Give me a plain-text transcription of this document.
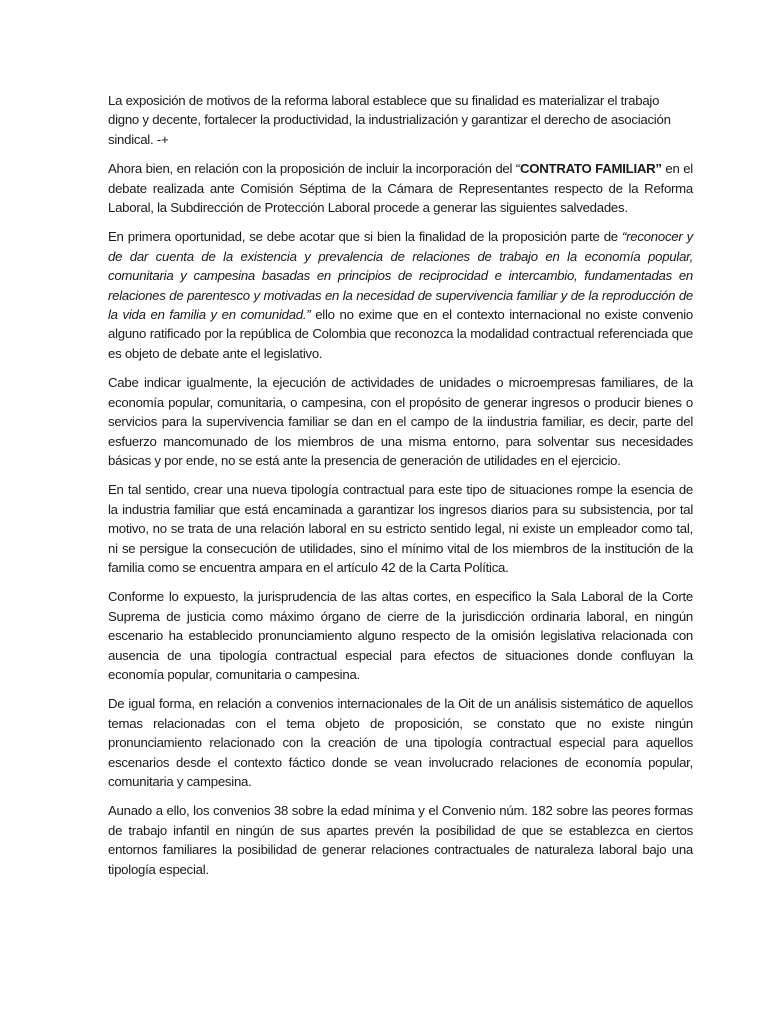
La exposición de motivos de la reforma laboral establece que su finalidad es materializar el trabajo digno y decente, fortalecer la productividad, la industrialización y garantizar el derecho de asociación sindical. -+

Ahora bien, en relación con la proposición de incluir la incorporación del “CONTRATO FAMILIAR” en el debate realizada ante Comisión Séptima de la Cámara de Representantes respecto de la Reforma Laboral, la Subdirección de Protección Laboral procede a generar las siguientes salvedades.

En primera oportunidad, se debe acotar que si bien la finalidad de la proposición parte de “reconocer y de dar cuenta de la existencia y prevalencia de relaciones de trabajo en la economía popular, comunitaria y campesina basadas en principios de reciprocidad e intercambio, fundamentadas en relaciones de parentesco y motivadas en la necesidad de supervivencia familiar y de la reproducción de la vida en familia y en comunidad.” ello no exime que en el contexto internacional no existe convenio alguno ratificado por la república de Colombia que reconozca la modalidad contractual referenciada que es objeto de debate ante el legislativo.

Cabe indicar igualmente, la ejecución de actividades de unidades o microempresas familiares, de la economía popular, comunitaria, o campesina, con el propósito de generar ingresos o producir bienes o servicios para la supervivencia familiar se dan en el campo de la iindustria familiar, es decir, parte del esfuerzo mancomunado de los miembros de una misma entorno, para solventar sus necesidades básicas y por ende, no se está ante la presencia de generación de utilidades en el ejercicio.

En tal sentido, crear una nueva tipología contractual para este tipo de situaciones rompe la esencia de la industria familiar que está encaminada a garantizar los ingresos diarios para su subsistencia, por tal motivo, no se trata de una relación laboral en su estricto sentido legal, ni existe un empleador como tal, ni se persigue la consecución de utilidades, sino el mínimo vital de los miembros de la institución de la familia como se encuentra ampara en el artículo 42 de la Carta Política.

Conforme lo expuesto, la jurisprudencia de las altas cortes, en especifico la Sala Laboral de la Corte Suprema de justicia como máximo órgano de cierre de la jurisdicción ordinaria laboral, en ningún escenario ha establecido pronunciamiento alguno respecto de la omisión legislativa relacionada con ausencia de una tipología contractual especial para efectos de situaciones donde confluyan la economía popular, comunitaria o campesina.

De igual forma, en relación a convenios internacionales de la Oit de un análisis sistemático de aquellos temas relacionadas con el tema objeto de proposición, se constato que no existe ningún pronunciamiento relacionado con la creación de una tipología contractual especial para aquellos escenarios desde el contexto fáctico donde se vean involucrado relaciones de economía popular, comunitaria y campesina.

Aunado a ello, los convenios 38 sobre la edad mínima y el Convenio núm. 182 sobre las peores formas de trabajo infantil en ningún de sus apartes prevén la posibilidad de que se establezca en ciertos entornos familiares la posibilidad de generar relaciones contractuales de naturaleza laboral bajo una tipología especial.
